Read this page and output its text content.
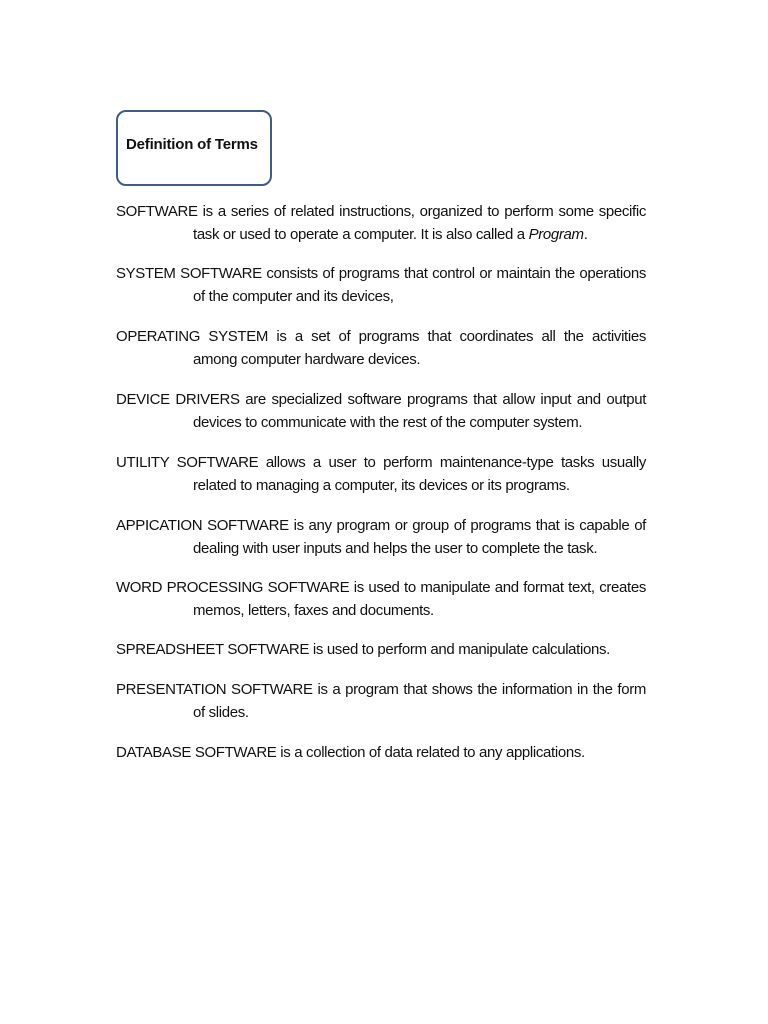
Definition of Terms
SOFTWARE is a series of related instructions, organized to perform some specific
task or used to operate a computer. It is also called a Program.
SYSTEM SOFTWARE consists of programs that control or maintain the operations
of the computer and its devices,
OPERATING SYSTEM is a set of programs that coordinates all the activities
among computer hardware devices.
DEVICE DRIVERS are specialized software programs that allow input and output
devices to communicate with the rest of the computer system.
UTILITY SOFTWARE allows a user to perform maintenance-type tasks usually
related to managing a computer, its devices or its programs.
APPICATION SOFTWARE is any program or group of programs that is capable of
dealing with user inputs and helps the user to complete the task.
WORD PROCESSING SOFTWARE is used to manipulate and format text, creates
memos, letters, faxes and documents.
SPREADSHEET SOFTWARE is used to perform and manipulate calculations.
PRESENTATION SOFTWARE is a program that shows the information in the form
of slides.
DATABASE SOFTWARE is a collection of data related to any applications.
